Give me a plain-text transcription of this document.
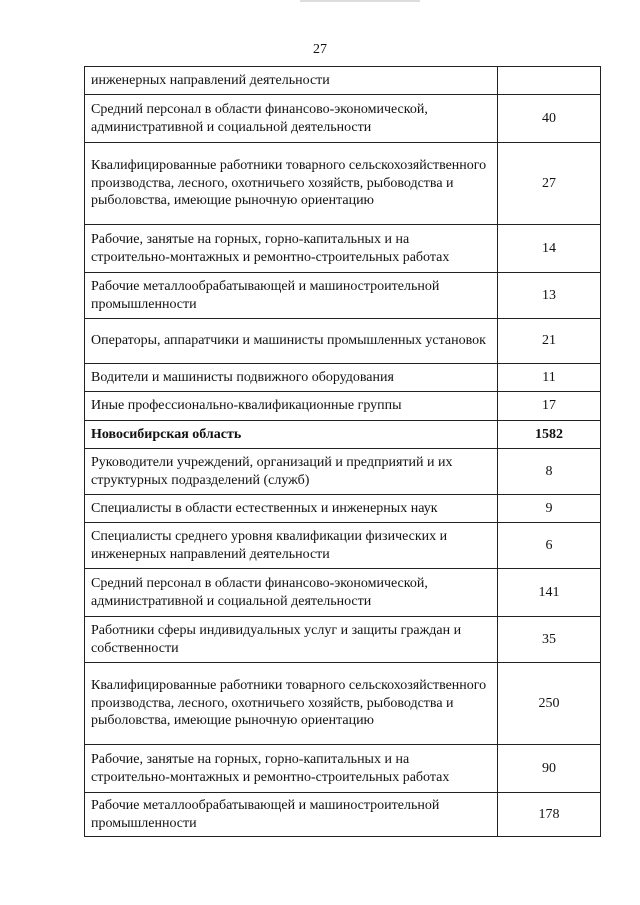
27
инженерных направлений деятельности	
Средний персонал в области финансово-экономической, административной и социальной деятельности	40
Квалифицированные работники товарного сельскохозяйственного производства, лесного, охотничьего хозяйств, рыбоводства и рыболовства, имеющие рыночную ориентацию	27
Рабочие, занятые на горных, горно-капитальных и на строительно-монтажных и ремонтно-строительных работах	14
Рабочие металлообрабатывающей и машиностроительной промышленности	13
Операторы, аппаратчики и машинисты промышленных установок	21
Водители и машинисты подвижного оборудования	11
Иные профессионально-квалификационные группы	17
Новосибирская область	1582
Руководители учреждений, организаций и предприятий и их структурных подразделений (служб)	8
Специалисты в области естественных и инженерных наук	9
Специалисты среднего уровня квалификации физических и инженерных направлений деятельности	6
Средний персонал в области финансово-экономической, административной и социальной деятельности	141
Работники сферы индивидуальных услуг и защиты граждан и собственности	35
Квалифицированные работники товарного сельскохозяйственного производства, лесного, охотничьего хозяйств, рыбоводства и рыболовства, имеющие рыночную ориентацию	250
Рабочие, занятые на горных, горно-капитальных и на строительно-монтажных и ремонтно-строительных работах	90
Рабочие металлообрабатывающей и машиностроительной промышленности	178
